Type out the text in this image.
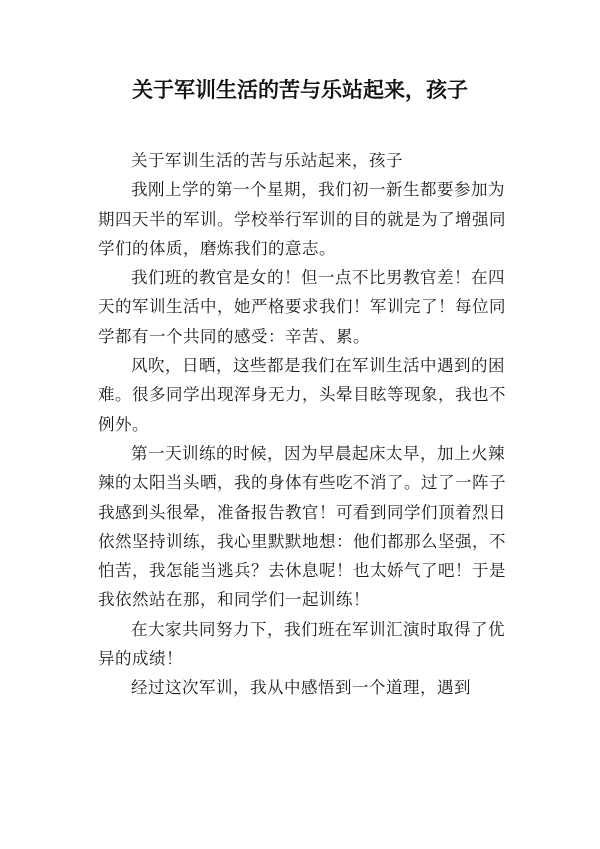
关于军训生活的苦与乐站起来，孩子

关于军训生活的苦与乐站起来，孩子

我刚上学的第一个星期，我们初一新生都要参加为期四天半的军训。学校举行军训的目的就是为了增强同学们的体质，磨炼我们的意志。

我们班的教官是女的！但一点不比男教官差！在四天的军训生活中，她严格要求我们！军训完了！每位同学都有一个共同的感受：辛苦、累。

风吹，日晒，这些都是我们在军训生活中遇到的困难。很多同学出现浑身无力，头晕目眩等现象，我也不例外。

第一天训练的时候，因为早晨起床太早，加上火辣辣的太阳当头晒，我的身体有些吃不消了。过了一阵子我感到头很晕，准备报告教官！可看到同学们顶着烈日依然坚持训练，我心里默默地想：他们都那么坚强，不怕苦，我怎能当逃兵？去休息呢！也太娇气了吧！于是我依然站在那，和同学们一起训练！

在大家共同努力下，我们班在军训汇演时取得了优异的成绩！

经过这次军训，我从中感悟到一个道理，遇到
